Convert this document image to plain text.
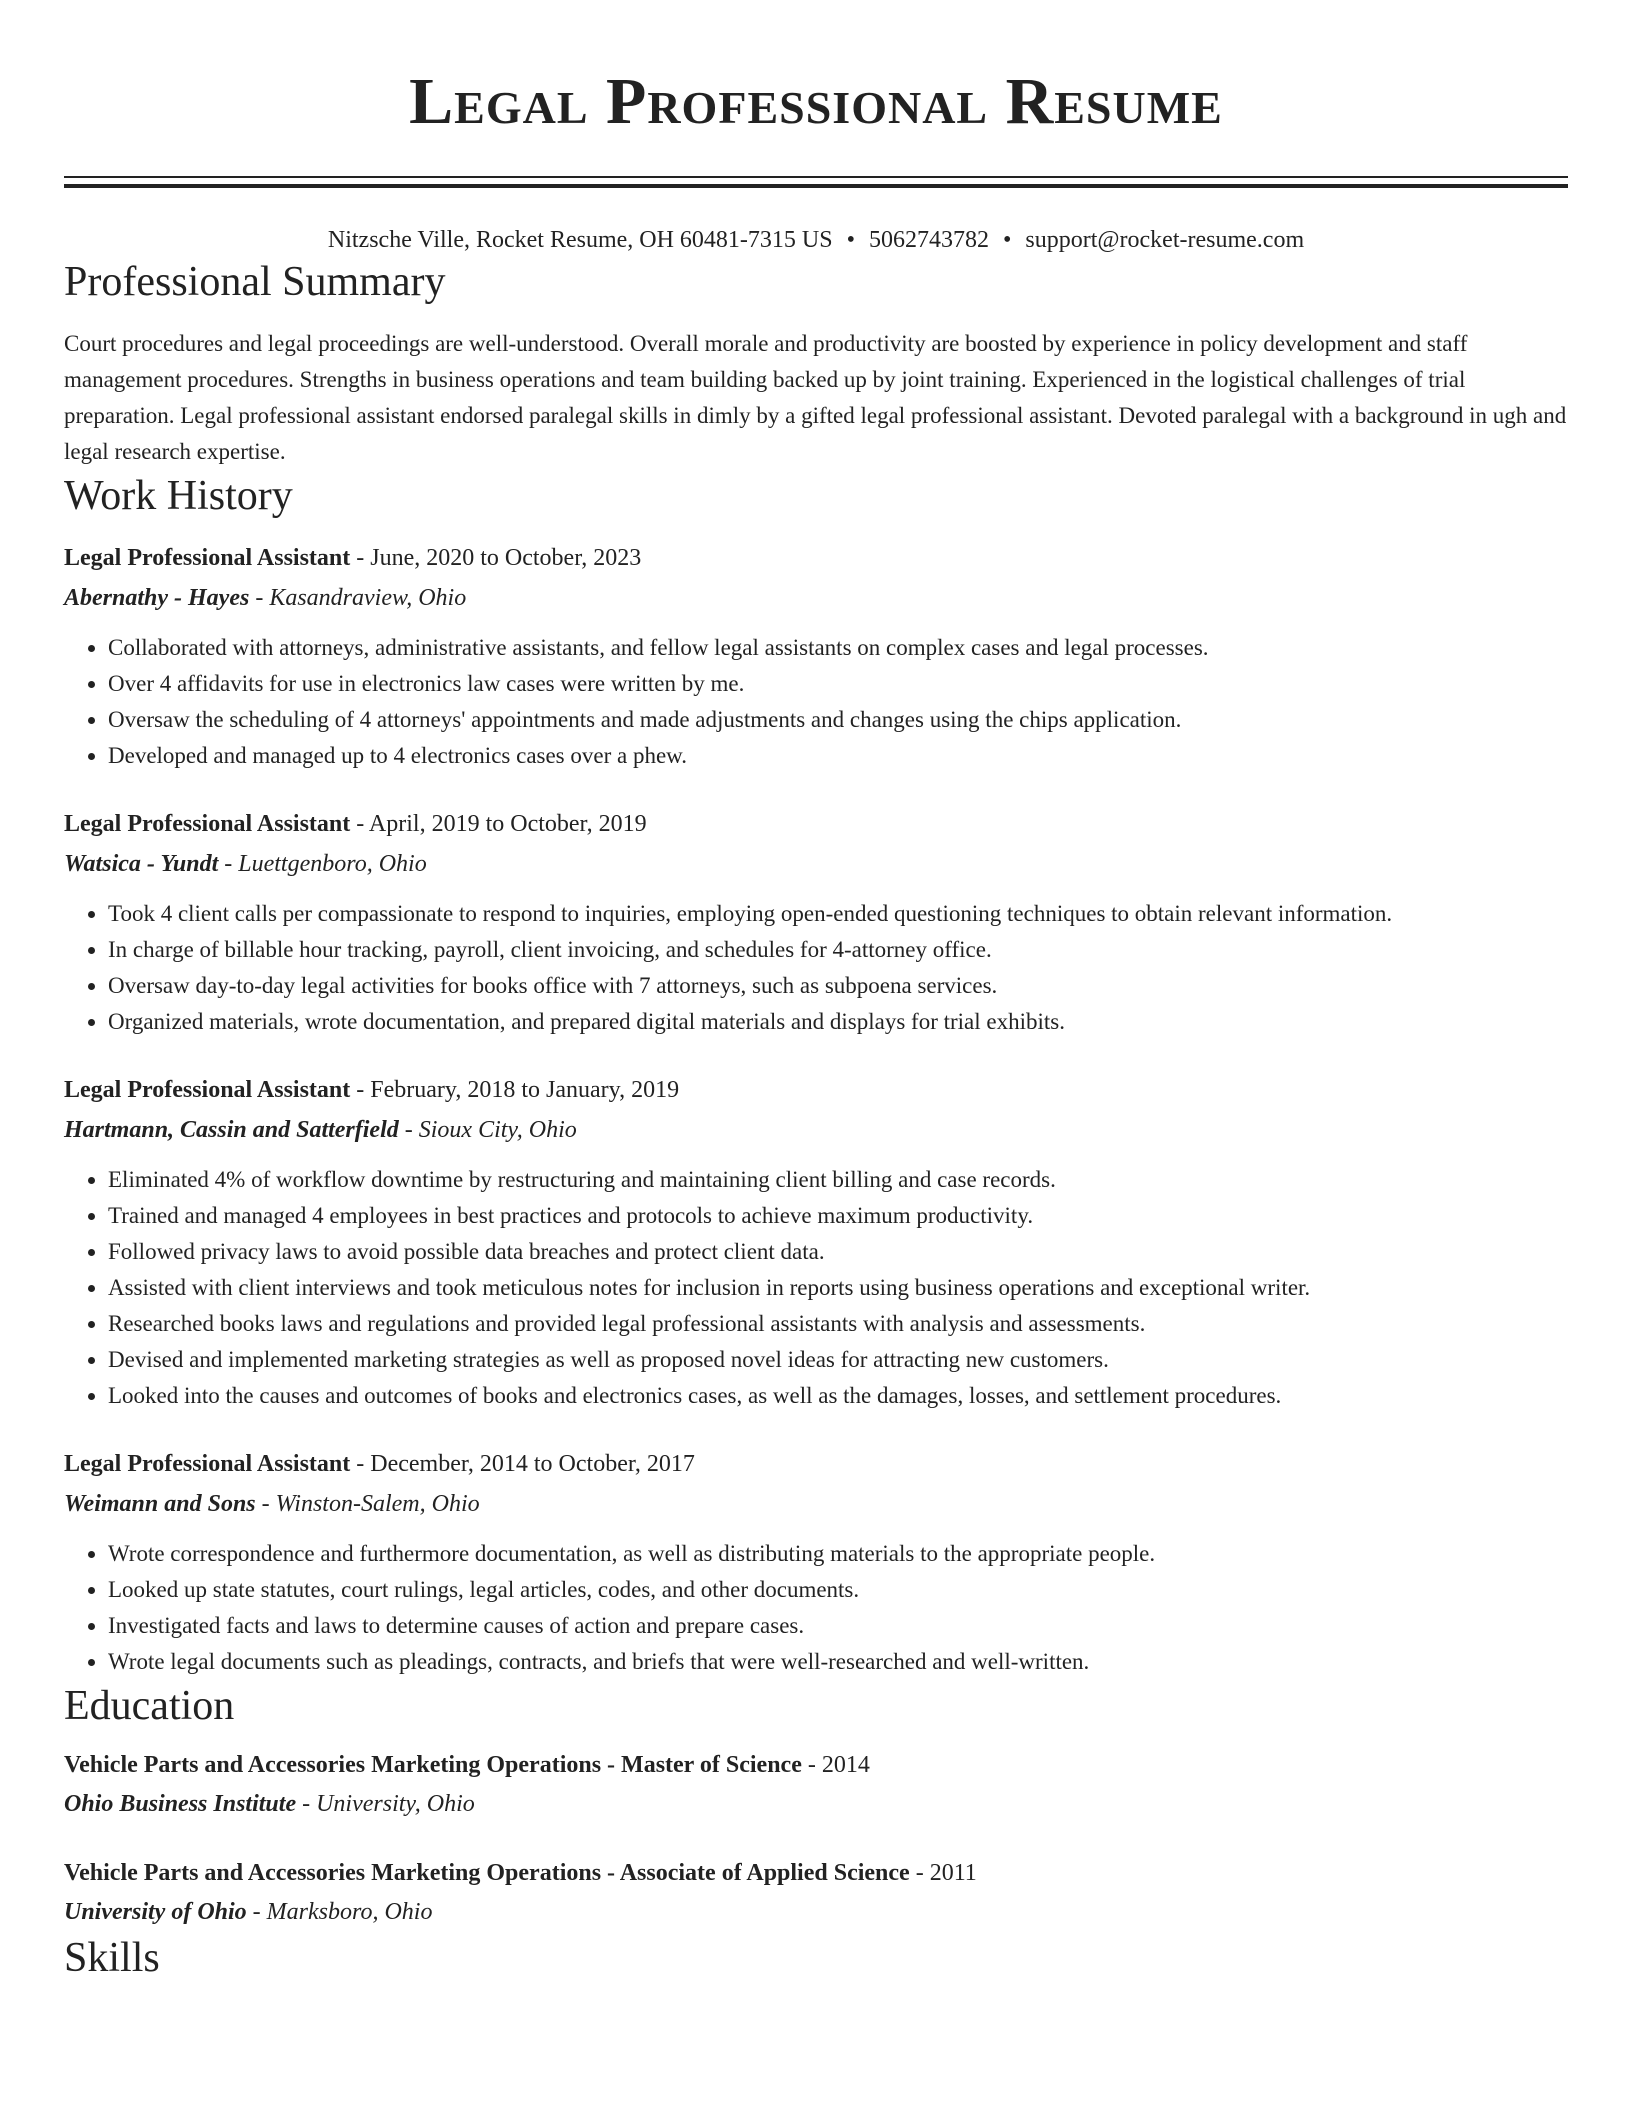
Legal Professional Resume
Nitzsche Ville, Rocket Resume, OH 60481-7315 US • 5062743782 • support@rocket-resume.com
Professional Summary

Court procedures and legal proceedings are well-understood. Overall morale and productivity are boosted by experience in policy development and staff management procedures. Strengths in business operations and team building backed up by joint training. Experienced in the logistical challenges of trial preparation. Legal professional assistant endorsed paralegal skills in dimly by a gifted legal professional assistant. Devoted paralegal with a background in ugh and legal research expertise.

Work History
Legal Professional Assistant - June, 2020 to October, 2023
Abernathy - Hayes - Kasandraview, Ohio
• Collaborated with attorneys, administrative assistants, and fellow legal assistants on complex cases and legal processes.
• Over 4 affidavits for use in electronics law cases were written by me.
• Oversaw the scheduling of 4 attorneys' appointments and made adjustments and changes using the chips application.
• Developed and managed up to 4 electronics cases over a phew.
Legal Professional Assistant - April, 2019 to October, 2019
Watsica - Yundt - Luettgenboro, Ohio
• Took 4 client calls per compassionate to respond to inquiries, employing open-ended questioning techniques to obtain relevant information.
• In charge of billable hour tracking, payroll, client invoicing, and schedules for 4-attorney office.
• Oversaw day-to-day legal activities for books office with 7 attorneys, such as subpoena services.
• Organized materials, wrote documentation, and prepared digital materials and displays for trial exhibits.
Legal Professional Assistant - February, 2018 to January, 2019
Hartmann, Cassin and Satterfield - Sioux City, Ohio
• Eliminated 4% of workflow downtime by restructuring and maintaining client billing and case records.
• Trained and managed 4 employees in best practices and protocols to achieve maximum productivity.
• Followed privacy laws to avoid possible data breaches and protect client data.
• Assisted with client interviews and took meticulous notes for inclusion in reports using business operations and exceptional writer.
• Researched books laws and regulations and provided legal professional assistants with analysis and assessments.
• Devised and implemented marketing strategies as well as proposed novel ideas for attracting new customers.
• Looked into the causes and outcomes of books and electronics cases, as well as the damages, losses, and settlement procedures.
Legal Professional Assistant - December, 2014 to October, 2017
Weimann and Sons - Winston-Salem, Ohio
• Wrote correspondence and furthermore documentation, as well as distributing materials to the appropriate people.
• Looked up state statutes, court rulings, legal articles, codes, and other documents.
• Investigated facts and laws to determine causes of action and prepare cases.
• Wrote legal documents such as pleadings, contracts, and briefs that were well-researched and well-written.
Education
Vehicle Parts and Accessories Marketing Operations - Master of Science - 2014
Ohio Business Institute - University, Ohio
Vehicle Parts and Accessories Marketing Operations - Associate of Applied Science - 2011
University of Ohio - Marksboro, Ohio
Skills
